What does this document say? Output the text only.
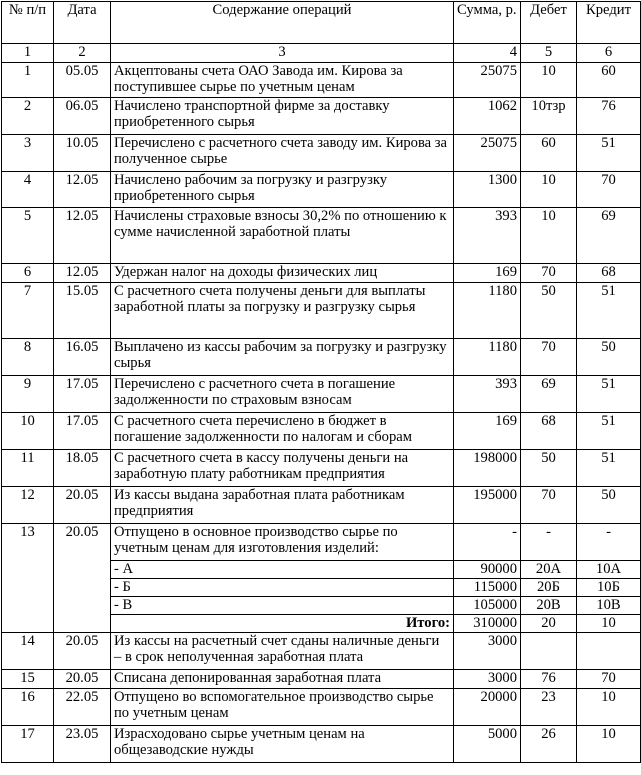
№ п/п	Дата	Содержание операций	Сумма, р.	Дебет	Кредит
1	2	3	4	5	6
1	05.05	Акцептованы счета ОАО Завода им. Кирова за поступившее сырье по учетным ценам	25075	10	60
2	06.05	Начислено транспортной фирме за доставку приобретенного сырья	1062	10тзр	76
3	10.05	Перечислено с расчетного счета заводу им. Кирова за полученное сырье	25075	60	51
4	12.05	Начислено рабочим за погрузку и разгрузку приобретенного сырья	1300	10	70
5	12.05	Начислены страховые взносы 30,2% по отношению к сумме начисленной заработной платы	393	10	69
6	12.05	Удержан налог на доходы физических лиц	169	70	68
7	15.05	С расчетного счета получены деньги для выплаты заработной платы за погрузку и разгрузку сырья	1180	50	51
8	16.05	Выплачено из кассы рабочим за погрузку и разгрузку сырья	1180	70	50
9	17.05	Перечислено с расчетного счета в погашение задолженности по страховым взносам	393	69	51
10	17.05	С расчетного счета перечислено в бюджет в погашение задолженности по налогам и сборам	169	68	51
11	18.05	С расчетного счета в кассу получены деньги на заработную плату работникам предприятия	198000	50	51
12	20.05	Из кассы выдана заработная плата работникам предприятия	195000	70	50
13	20.05	Отпущено в основное производство сырье по учетным ценам для изготовления изделий:	-	-	-
		- А	90000	20А	10А
		- Б	115000	20Б	10Б
		- В	105000	20В	10В
		Итого:	310000	20	10
14	20.05	Из кассы на расчетный счет сданы наличные деньги – в срок неполученная заработная плата	3000		
15	20.05	Списана депонированная заработная плата	3000	76	70
16	22.05	Отпущено во вспомогательное производство сырье по учетным ценам	20000	23	10
17	23.05	Израсходовано сырье учетным ценам на общезаводские нужды	5000	26	10
